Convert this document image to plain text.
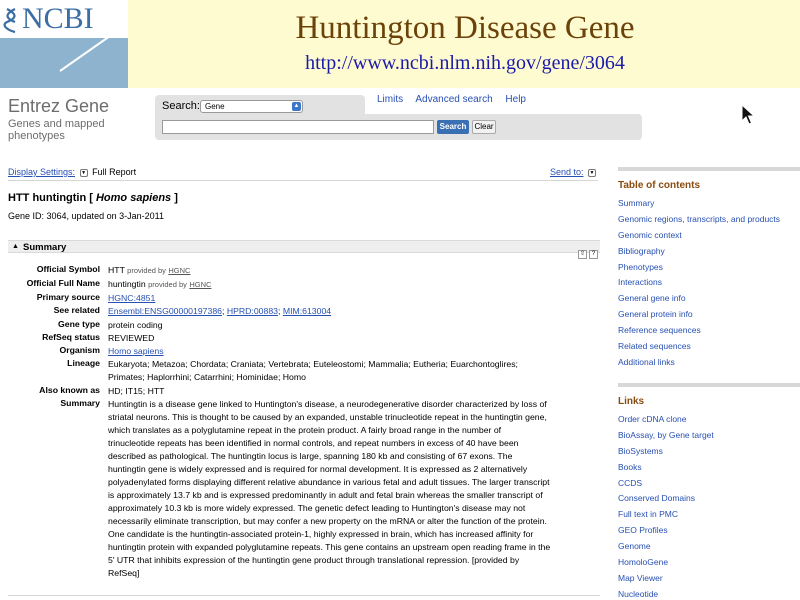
NCBI	Huntington Disease Gene
http://www.ncbi.nlm.nih.gov/gene/3064
Entrez Gene
Genes and mapped phenotypes
Search: Gene	▲
Limits Advanced search Help
Search	Clear
Display Settings: ▼ Full Report	Send to: ▼
HTT huntingtin [ Homo sapiens ]
Gene ID: 3064, updated on 3-Jan-2011
▲ Summary
⇧ ?
Official Symbol HTT provided by HGNC
Official Full Name huntingtin provided by HGNC
Primary source HGNC:4851
See related Ensembl:ENSG00000197386; HPRD:00883; MIM:613004
Gene type protein coding
RefSeq status REVIEWED
Organism Homo sapiens
Lineage Eukaryota; Metazoa; Chordata; Craniata; Vertebrata; Euteleostomi; Mammalia; Eutheria; Euarchontoglires;
Primates; Haplorrhini; Catarrhini; Hominidae; Homo
Also known as HD; IT15; HTT
Summary Huntingtin is a disease gene linked to Huntington's disease, a neurodegenerative disorder characterized by loss of
striatal neurons. This is thought to be caused by an expanded, unstable trinucleotide repeat in the huntingtin gene,
which translates as a polyglutamine repeat in the protein product. A fairly broad range in the number of
trinucleotide repeats has been identified in normal controls, and repeat numbers in excess of 40 have been
described as pathological. The huntingtin locus is large, spanning 180 kb and consisting of 67 exons. The
huntingtin gene is widely expressed and is required for normal development. It is expressed as 2 alternatively
polyadenylated forms displaying different relative abundance in various fetal and adult tissues. The larger transcript
is approximately 13.7 kb and is expressed predominantly in adult and fetal brain whereas the smaller transcript of
approximately 10.3 kb is more widely expressed. The genetic defect leading to Huntington's disease may not
necessarily eliminate transcription, but may confer a new property on the mRNA or alter the function of the protein.
One candidate is the huntingtin-associated protein-1, highly expressed in brain, which has increased affinity for
huntingtin protein with expanded polyglutamine repeats. This gene contains an upstream open reading frame in the
5' UTR that inhibits expression of the huntingtin gene product through translational repression. [provided by
RefSeq]
Table of contents
Summary
Genomic regions, transcripts, and products
Genomic context
Bibliography
Phenotypes
Interactions
General gene info
General protein info
Reference sequences
Related sequences
Additional links
Links
Order cDNA clone
BioAssay, by Gene target
BioSystems
Books
CCDS
Conserved Domains
Full text in PMC
GEO Profiles
Genome
HomoloGene
Map Viewer
Nucleotide
